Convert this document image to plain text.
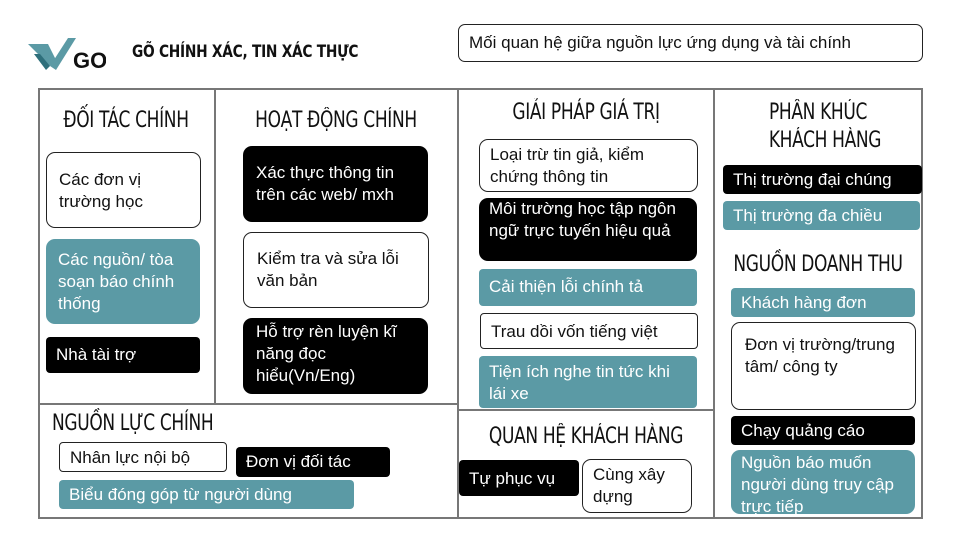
GO GÕ CHÍNH XÁC, TIN XÁC THỰC	Mối quan hệ giữa nguồn lực ứng dụng và tài chính
ĐỐI TÁC CHÍNH
Các đơn vị trường học
Các nguồn/ tòa soạn báo chính thống
Nhà tài trợ
HOẠT ĐỘNG CHÍNH
Xác thực thông tin trên các web/ mxh
Kiểm tra và sửa lỗi văn bản
Hỗ trợ rèn luyện kĩ năng đọc hiểu(Vn/Eng)
NGUỒN LỰC CHÍNH
Nhân lực nội bộ	Đơn vị đối tác
Biểu đóng góp từ người dùng
GIẢI PHÁP GIÁ TRỊ
Loại trừ tin giả, kiểm chứng thông tin
Môi trường học tập ngôn ngữ trực tuyến hiệu quả
Cải thiện lỗi chính tả
Trau dồi vốn tiếng việt
Tiện ích nghe tin tức khi lái xe
QUAN HỆ KHÁCH HÀNG
Tự phục vụ	Cùng xây dựng
PHÂN KHÚC
KHÁCH HÀNG
Thị trường đại chúng
Thị trường đa chiều
NGUỒN DOANH THU
Khách hàng đơn
Đơn vị trường/trung tâm/ công ty
Chạy quảng cáo
Nguồn báo muốn người dùng truy cập trực tiếp
